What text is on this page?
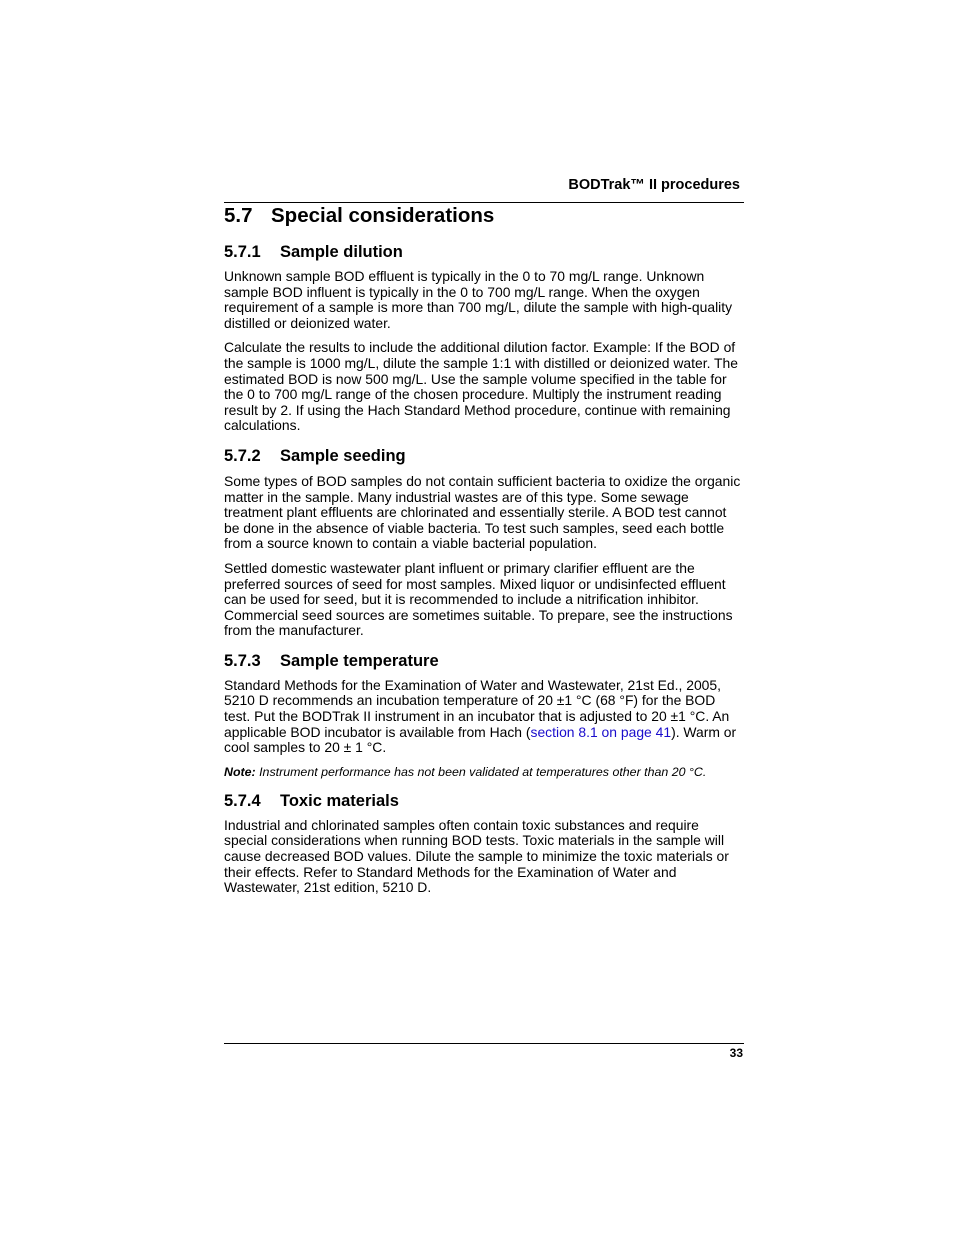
BODTrak™ II procedures
5.7 Special considerations
5.7.1 Sample dilution

Unknown sample BOD effluent is typically in the 0 to 70 mg/L range. Unknown sample BOD influent is typically in the 0 to 700 mg/L range. When the oxygen requirement of a sample is more than 700 mg/L, dilute the sample with high-quality distilled or deionized water.

Calculate the results to include the additional dilution factor. Example: If the BOD of the sample is 1000 mg/L, dilute the sample 1:1 with distilled or deionized water. The estimated BOD is now 500 mg/L. Use the sample volume specified in the table for the 0 to 700 mg/L range of the chosen procedure. Multiply the instrument reading result by 2. If using the Hach Standard Method procedure, continue with remaining calculations.

5.7.2 Sample seeding

Some types of BOD samples do not contain sufficient bacteria to oxidize the organic matter in the sample. Many industrial wastes are of this type. Some sewage treatment plant effluents are chlorinated and essentially sterile. A BOD test cannot be done in the absence of viable bacteria. To test such samples, seed each bottle from a source known to contain a viable bacterial population.

Settled domestic wastewater plant influent or primary clarifier effluent are the preferred sources of seed for most samples. Mixed liquor or undisinfected effluent can be used for seed, but it is recommended to include a nitrification inhibitor. Commercial seed sources are sometimes suitable. To prepare, see the instructions from the manufacturer.

5.7.3 Sample temperature

Standard Methods for the Examination of Water and Wastewater, 21st Ed., 2005, 5210 D recommends an incubation temperature of 20 ±1 °C (68 °F) for the BOD test. Put the BODTrak II instrument in an incubator that is adjusted to 20 ±1 °C. An applicable BOD incubator is available from Hach (section 8.1 on page 41). Warm or cool samples to 20 ± 1 °C.

Note: Instrument performance has not been validated at temperatures other than 20 °C.

5.7.4 Toxic materials

Industrial and chlorinated samples often contain toxic substances and require special considerations when running BOD tests. Toxic materials in the sample will cause decreased BOD values. Dilute the sample to minimize the toxic materials or their effects. Refer to Standard Methods for the Examination of Water and Wastewater, 21st edition, 5210 D.

33
